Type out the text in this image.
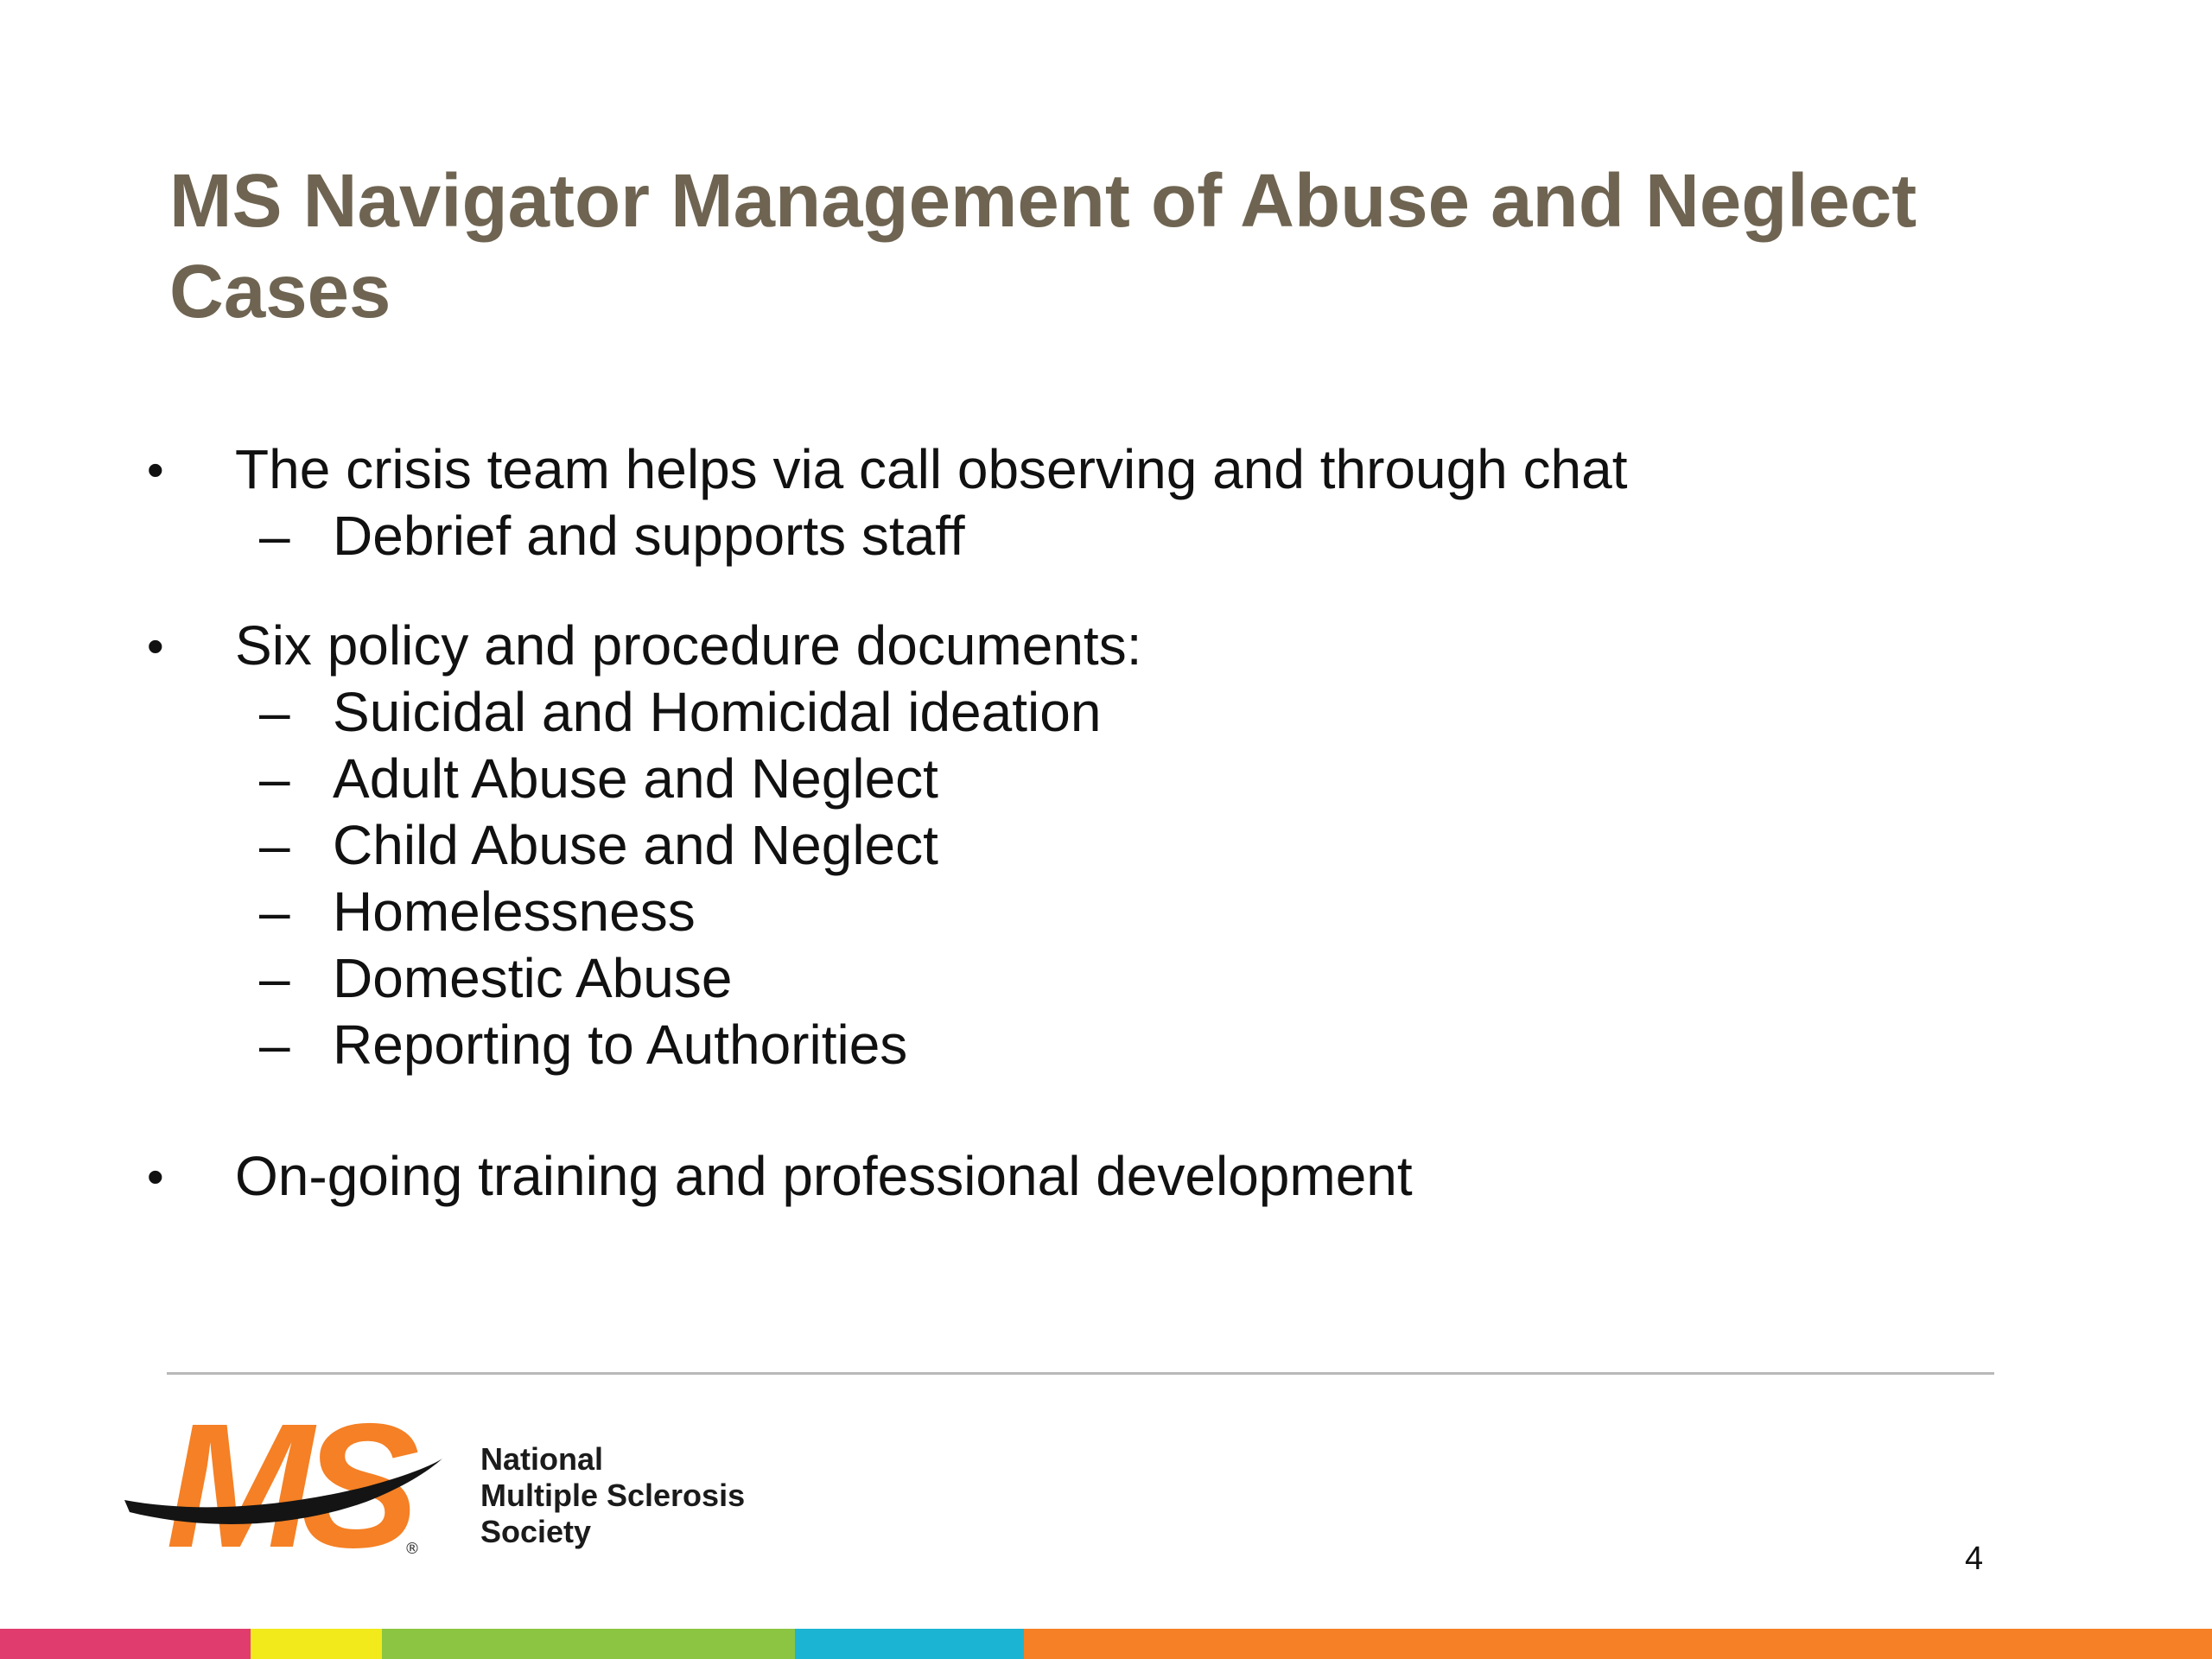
MS Navigator Management of Abuse and Neglect Cases
• The crisis team helps via call observing and through chat
– Debrief and supports staff
• Six policy and procedure documents:
– Suicidal and Homicidal ideation
– Adult Abuse and Neglect
– Child Abuse and Neglect
– Homelessness
– Domestic Abuse
– Reporting to Authorities
• On-going training and professional development
MS
®
National
Multiple Sclerosis
Society
4
